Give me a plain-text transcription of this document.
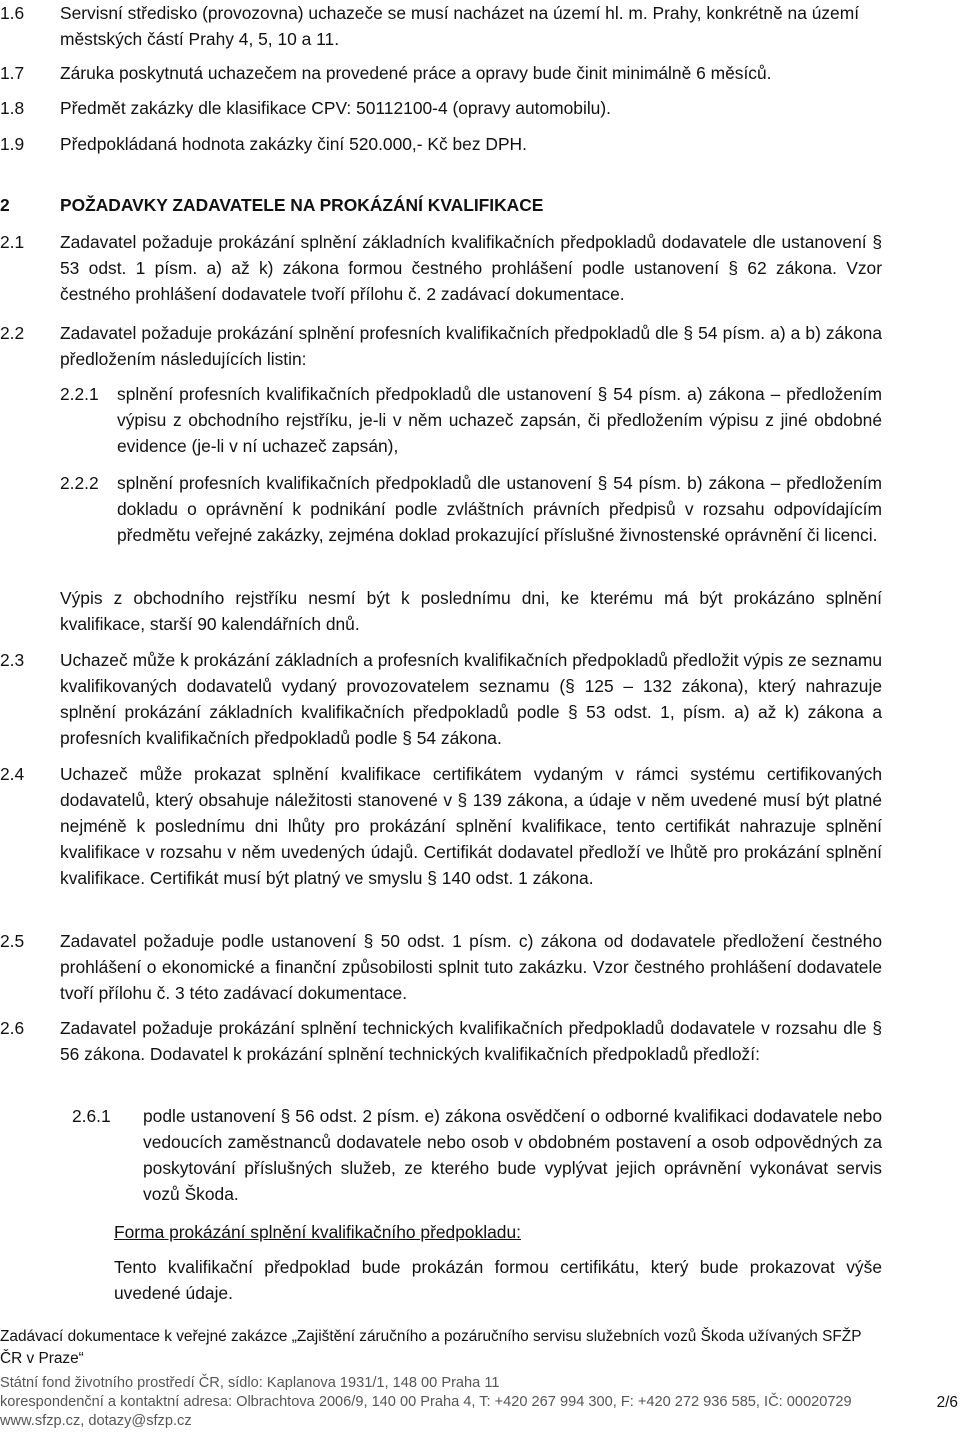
1.6 Servisní středisko (provozovna) uchazeče se musí nacházet na území hl. m. Prahy, konkrétně na území městských částí Prahy 4, 5, 10 a 11.
1.7 Záruka poskytnutá uchazečem na provedené práce a opravy bude činit minimálně 6 měsíců.
1.8 Předmět zakázky dle klasifikace CPV: 50112100-4 (opravy automobilu).
1.9 Předpokládaná hodnota zakázky činí 520.000,- Kč bez DPH.
2	POŽADAVKY ZADAVATELE NA PROKÁZÁNÍ KVALIFIKACE
2.1 Zadavatel požaduje prokázání splnění základních kvalifikačních předpokladů dodavatele dle ustanovení § 53 odst. 1 písm. a) až k) zákona formou čestného prohlášení podle ustanovení § 62 zákona. Vzor čestného prohlášení dodavatele tvoří přílohu č. 2 zadávací dokumentace.
2.2 Zadavatel požaduje prokázání splnění profesních kvalifikačních předpokladů dle § 54 písm. a) a b) zákona předložením následujících listin:
2.2.1 splnění profesních kvalifikačních předpokladů dle ustanovení § 54 písm. a) zákona – předložením výpisu z obchodního rejstříku, je-li v něm uchazeč zapsán, či předložením výpisu z jiné obdobné evidence (je-li v ní uchazeč zapsán),
2.2.2 splnění profesních kvalifikačních předpokladů dle ustanovení § 54 písm. b) zákona – předložením dokladu o oprávnění k podnikání podle zvláštních právních předpisů v rozsahu odpovídajícím předmětu veřejné zakázky, zejména doklad prokazující příslušné živnostenské oprávnění či licenci.
Výpis z obchodního rejstříku nesmí být k poslednímu dni, ke kterému má být prokázáno splnění kvalifikace, starší 90 kalendářních dnů.
2.3 Uchazeč může k prokázání základních a profesních kvalifikačních předpokladů předložit výpis ze seznamu kvalifikovaných dodavatelů vydaný provozovatelem seznamu (§ 125 – 132 zákona), který nahrazuje splnění prokázání základních kvalifikačních předpokladů podle § 53 odst. 1, písm. a) až k) zákona a profesních kvalifikačních předpokladů podle § 54 zákona.
2.4 Uchazeč může prokazat splnění kvalifikace certifikátem vydaným v rámci systému certifikovaných dodavatelů, který obsahuje náležitosti stanovené v § 139 zákona, a údaje v něm uvedené musí být platné nejméně k poslednímu dni lhůty pro prokázání splnění kvalifikace, tento certifikát nahrazuje splnění kvalifikace v rozsahu v něm uvedených údajů. Certifikát dodavatel předloží ve lhůtě pro prokázání splnění kvalifikace. Certifikát musí být platný ve smyslu § 140 odst. 1 zákona.
2.5 Zadavatel požaduje podle ustanovení § 50 odst. 1 písm. c) zákona od dodavatele předložení čestného prohlášení o ekonomické a finanční způsobilosti splnit tuto zakázku. Vzor čestného prohlášení dodavatele tvoří přílohu č. 3 této zadávací dokumentace.
2.6 Zadavatel požaduje prokázání splnění technických kvalifikačních předpokladů dodavatele v rozsahu dle § 56 zákona. Dodavatel k prokázání splnění technických kvalifikačních předpokladů předloží:
2.6.1 podle ustanovení § 56 odst. 2 písm. e) zákona osvědčení o odborné kvalifikaci dodavatele nebo vedoucích zaměstnanců dodavatele nebo osob v obdobném postavení a osob odpovědných za poskytování příslušných služeb, ze kterého bude vyplývat jejich oprávnění vykonávat servis vozů Škoda.
Forma prokázání splnění kvalifikačního předpokladu:
Tento kvalifikační předpoklad bude prokázán formou certifikátu, který bude prokazovat výše uvedené údaje.
Zadávací dokumentace k veřejné zakázce „Zajištění záručního a pozáručního servisu služebních vozů Škoda užívaných SFŽP ČR v Praze“
Státní fond životního prostředí ČR, sídlo: Kaplanova 1931/1, 148 00 Praha 11
korespondenční a kontaktní adresa: Olbrachtova 2006/9, 140 00 Praha 4, T: +420 267 994 300, F: +420 272 936 585, IČ: 00020729
www.sfzp.cz, dotazy@sfzp.cz
2/6
